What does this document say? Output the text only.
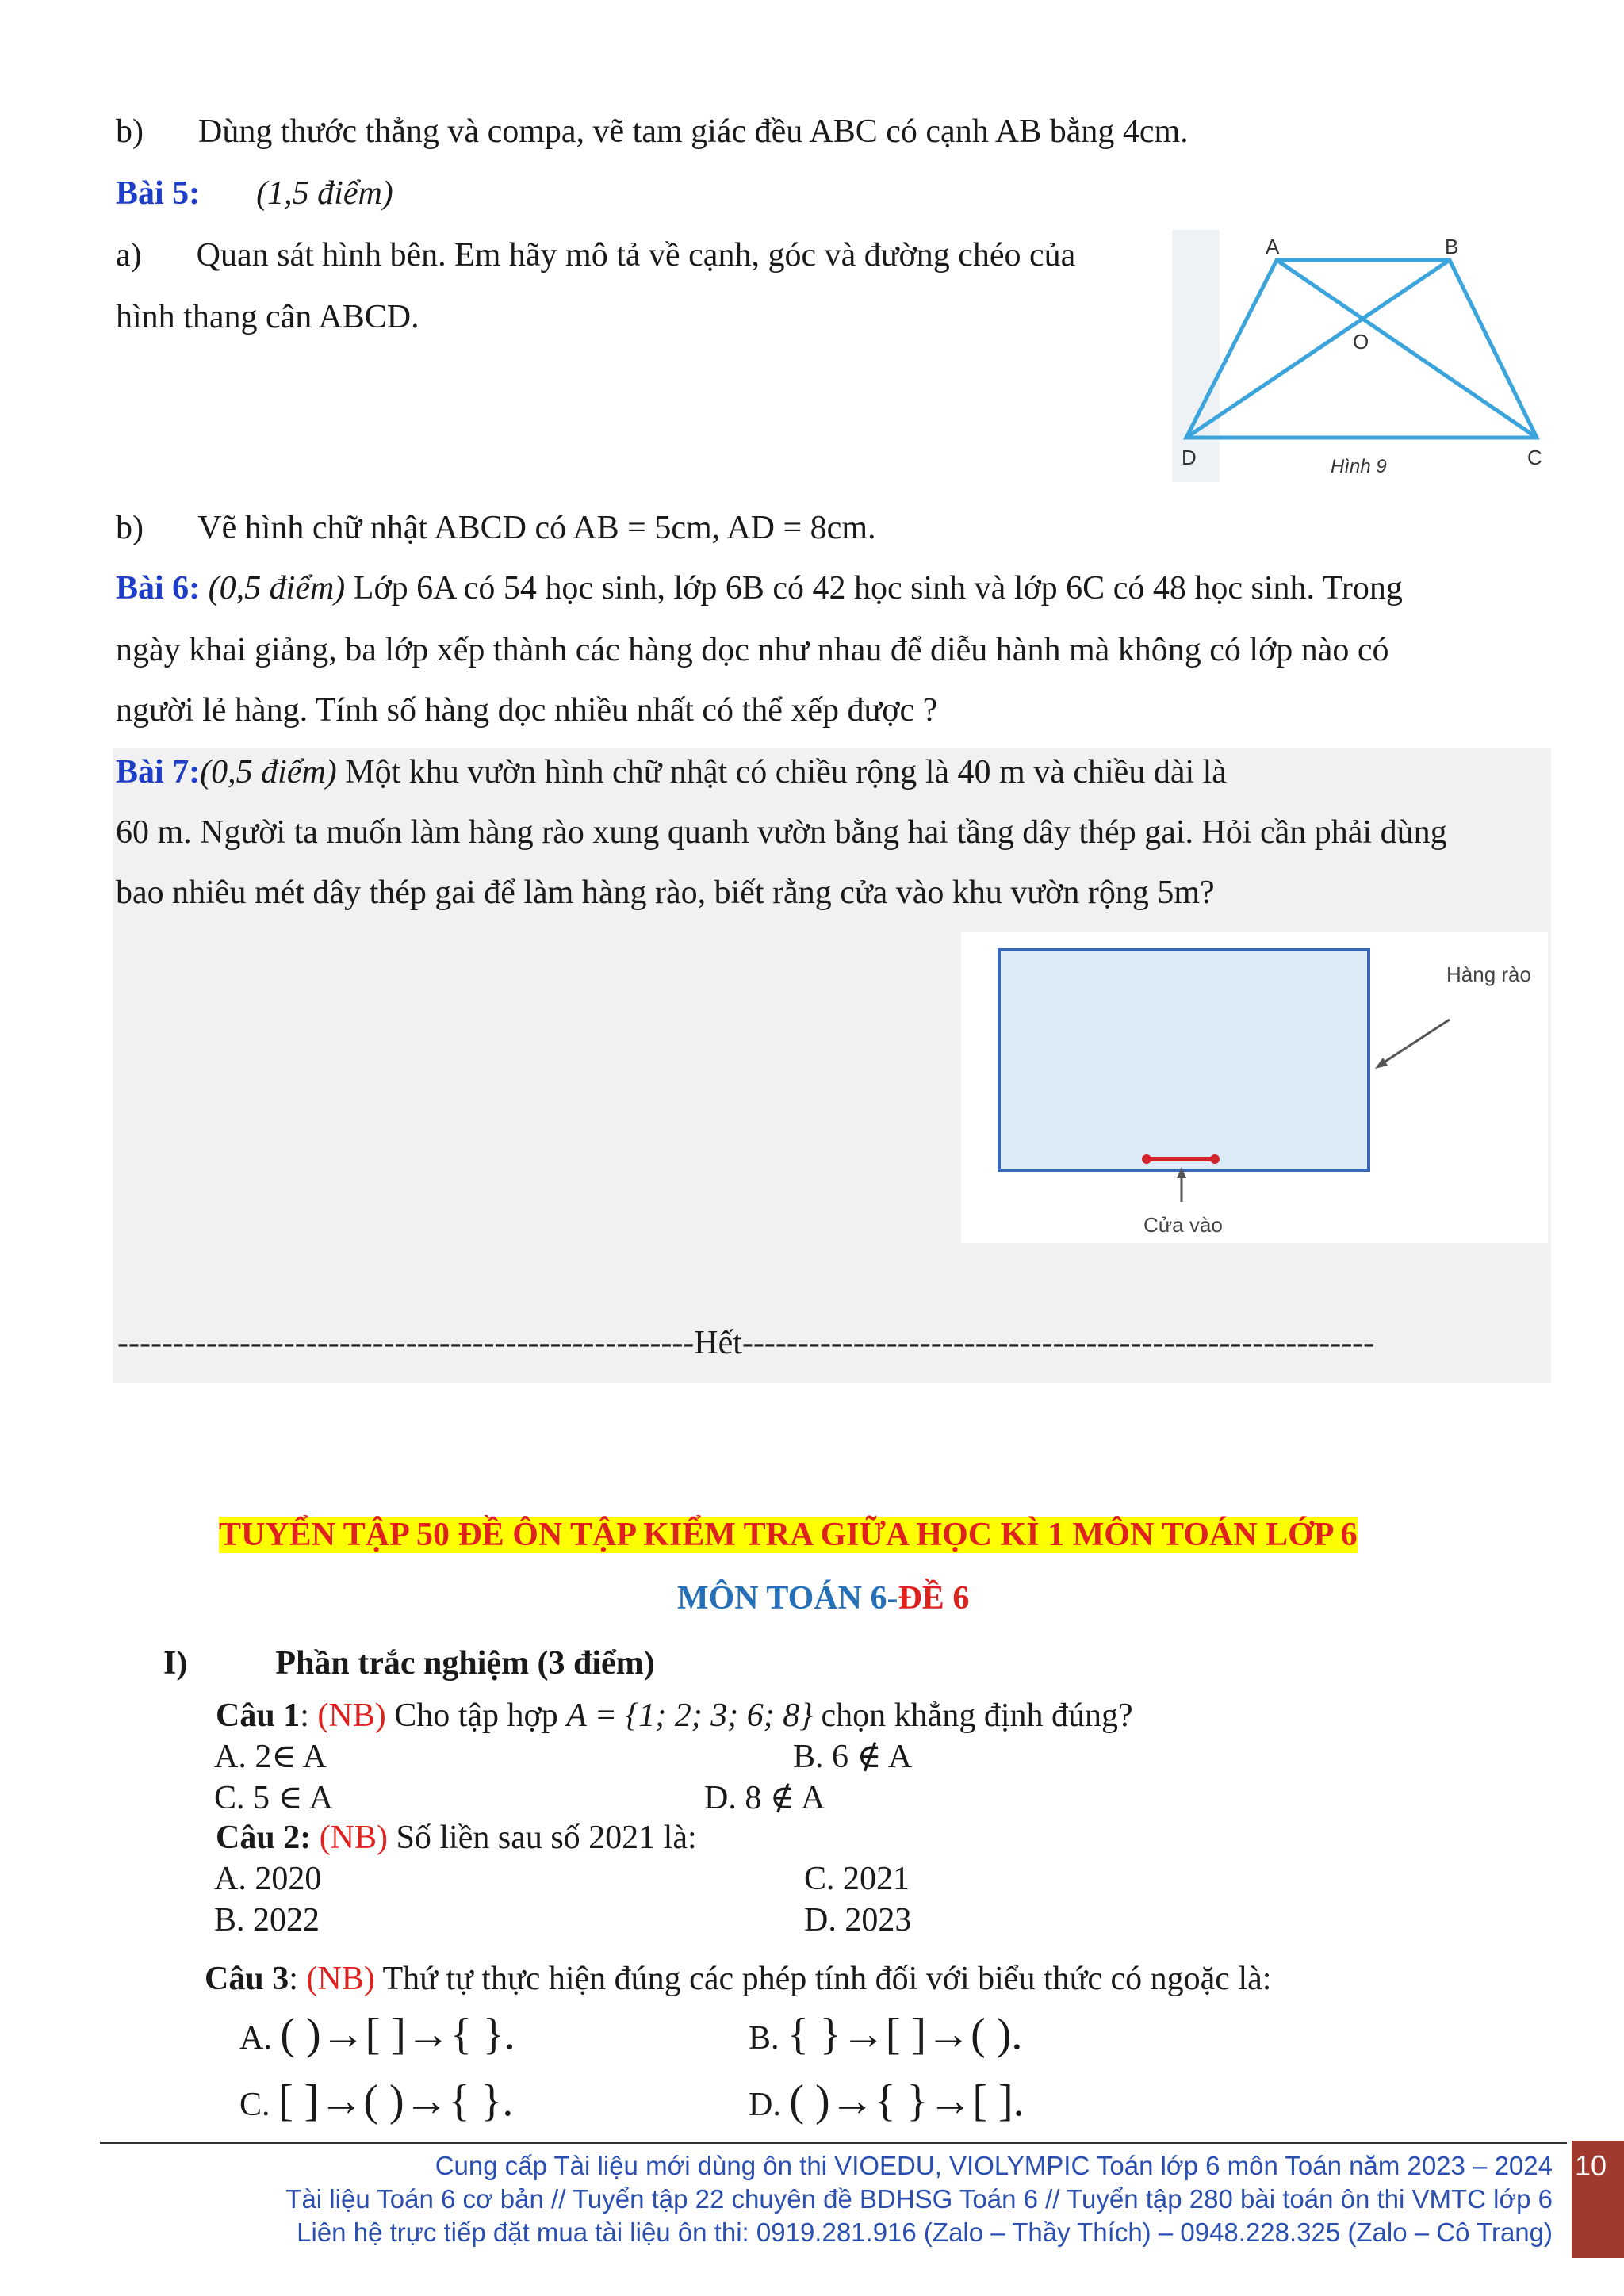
b) Dùng thước thẳng và compa, vẽ tam giác đều ABC có cạnh AB bằng 4cm.
Bài 5: (1,5 điểm)
a) Quan sát hình bên. Em hãy mô tả về cạnh, góc và đường chéo của
hình thang cân ABCD.
A	B
C
D
O
Hình 9
b) Vẽ hình chữ nhật ABCD có AB = 5cm, AD = 8cm.
Bài 6: (0,5 điểm) Lớp 6A có 54 học sinh, lớp 6B có 42 học sinh và lớp 6C có 48 học sinh. Trong
ngày khai giảng, ba lớp xếp thành các hàng dọc như nhau để diễu hành mà không có lớp nào có
người lẻ hàng. Tính số hàng dọc nhiều nhất có thể xếp được ?
Bài 7:(0,5 điểm) Một khu vườn hình chữ nhật có chiều rộng là 40 m và chiều dài là
60 m. Người ta muốn làm hàng rào xung quanh vườn bằng hai tầng dây thép gai. Hỏi cần phải dùng
bao nhiêu mét dây thép gai để làm hàng rào, biết rằng cửa vào khu vườn rộng 5m?
Hàng rào
Cửa vào
----------------------------------------------------Hết---------------------------------------------------------
TUYỂN TẬP 50 ĐỀ ÔN TẬP KIỂM TRA GIỮA HỌC KÌ 1 MÔN TOÁN LỚP 6
MÔN TOÁN 6-ĐỀ 6
I)	Phần trắc nghiệm (3 điểm)
Câu 1: (NB) Cho tập hợp A = {1; 2; 3; 6; 8} chọn khẳng định đúng?
A. 2∈ A	B. 6 ∉ A
C. 5 ∈ A	D. 8 ∉ A
Câu 2: (NB) Số liền sau số 2021 là:
A. 2020	C. 2021
B. 2022	D. 2023
Câu 3: (NB) Thứ tự thực hiện đúng các phép tính đối với biểu thức có ngoặc là:
A. ( )→[ ]→{ }.	B. { }→[ ]→( ).
C. [ ]→( )→{ }.	D. ( )→{ }→[ ].
Cung cấp Tài liệu mới dùng ôn thi VIOEDU, VIOLYMPIC Toán lớp 6 môn Toán năm 2023 – 2024
Tài liệu Toán 6 cơ bản // Tuyển tập 22 chuyên đề BDHSG Toán 6 // Tuyển tập 280 bài toán ôn thi VMTC lớp 6
Liên hệ trực tiếp đặt mua tài liệu ôn thi: 0919.281.916 (Zalo – Thầy Thích) – 0948.228.325 (Zalo – Cô Trang)
10
